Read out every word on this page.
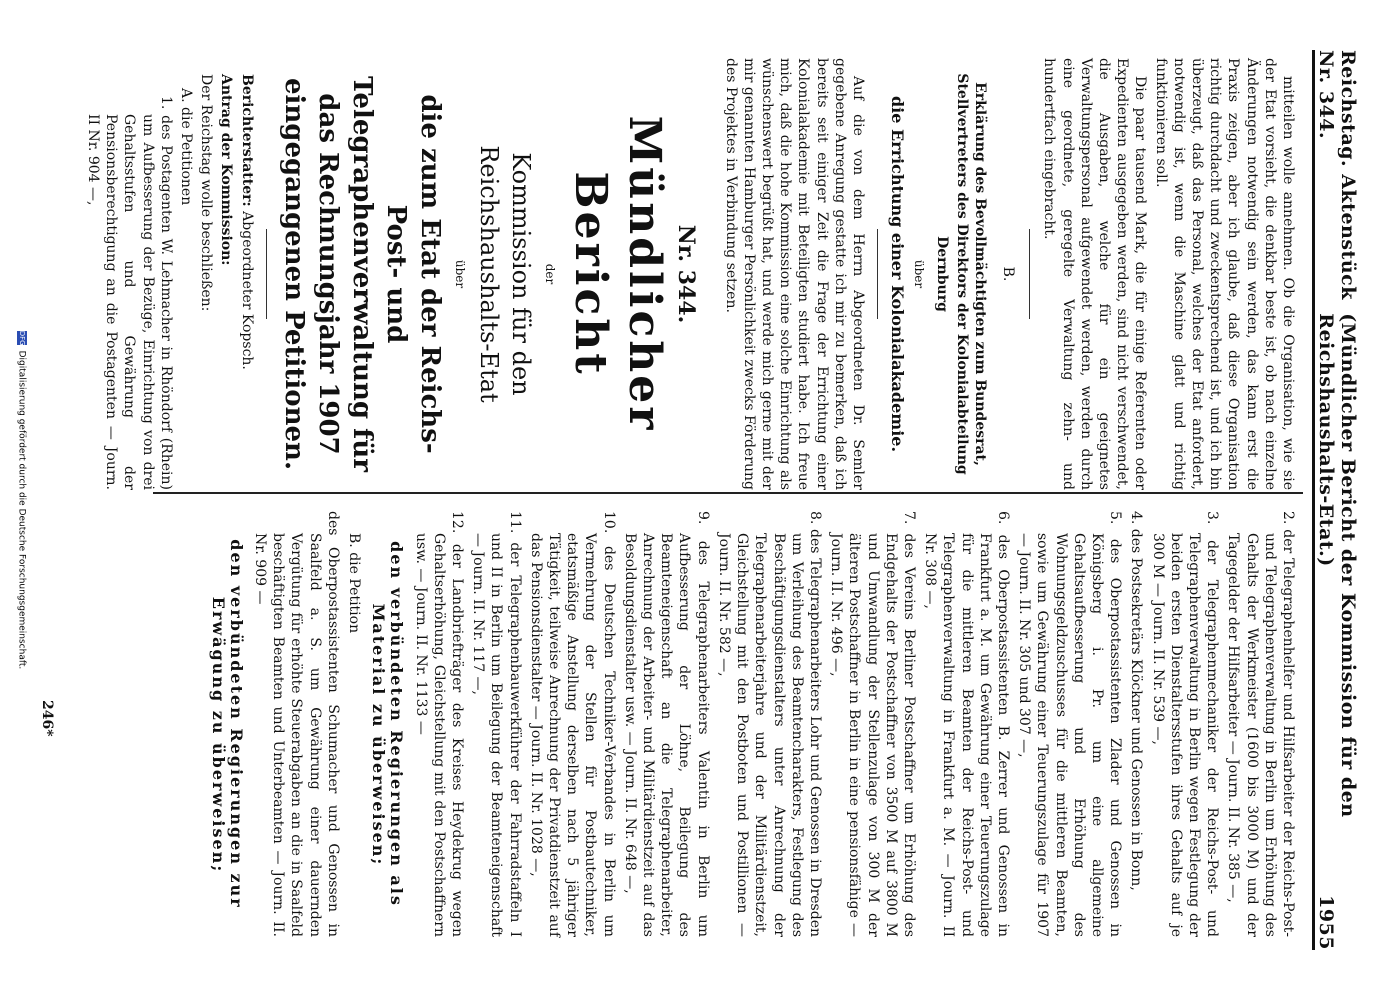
Reichstag. Aktenstück Nr. 344.
(Mündlicher Bericht der Kommission für den Reichshaushalts-Etat.)
1955

mitteilen wolle annehmen. Ob die Organisation, wie sie der Etat vorsieht, die denkbar beste ist, ob nach einzelne Änderungen notwendig sein werden, das kann erst die Praxis zeigen, aber ich glaube, daß diese Organisation richtig durchdacht und zweckentsprechend ist, und ich bin überzeugt, daß das Personal, welches der Etat anfordert, notwendig ist, wenn die Maschine glatt und richtig funktionieren soll.

Die paar tausend Mark, die für einige Referenten oder Expedienten ausgegeben werden, sind nicht verschwendet, die Ausgaben, welche für ein geeignetes Verwaltungspersonal aufgewendet werden, werden durch eine geordnete, geregelte Verwaltung zehn- und hundertfach eingebracht.

B.

Erklärung des Bevollmächtigten zum Bundesrat, Stellvertreters des Direktors der Kolonialabteilung

Dernburg

über

die Errichtung einer Kolonialakademie.

Auf die von dem Herrn Abgeordneten Dr. Semler gegebene Anregung gestatte ich mir zu bemerken, daß ich bereits seit einiger Zeit die Frage der Errichtung einer Kolonialakademie mit Beteiligten studiert habe. Ich freue mich, daß die hohe Kommission eine solche Einrichtung als wünschenswert begrüßt hat, und werde mich gerne mit der mir genannten Hamburger Persönlichkeit zwecks Förderung des Projektes in Verbindung setzen.

Nr. 344.

Mündlicher Bericht

der

Kommission für den Reichshaushalts-Etat

über

die zum Etat der Reichs-Post- und Telegraphenverwaltung für das Rechnungsjahr 1907 eingegangenen Petitionen.

Berichterstatter: Abgeordneter Kopsch.

Antrag der Kommission:

Der Reichstag wolle beschließen:

A. die Petitionen

1. des Postagenten W. Lehmacher in Rhöndorf (Rhein) um Aufbesserung der Bezüge, Einrichtung von drei Gehaltsstufen und Gewährung der Pensionsberechtigung an die Postagenten — Journ. II Nr. 904 —,

2. der Telegraphenhelfer und Hilfsarbeiter der Reichs-Post- und Telegraphenverwaltung in Berlin um Erhöhung des Gehalts der Werkmeister (1600 bis 3000 M) und der Tagegelder der Hilfsarbeiter — Journ. II. Nr. 385 —,

3. der Telegraphenmechaniker der Reichs-Post- und Telegraphenverwaltung in Berlin wegen Festlegung der beiden ersten Dienstaltersstufen ihres Gehalts auf je 300 M — Journ. II. Nr. 539 —,

4. des Postsekretärs Klöckner und Genossen in Bonn,

5. des Oberpostassistenten Zlader und Genossen in Königsberg i. Pr. um eine allgemeine Gehaltsaufbesserung und Erhöhung des Wohnungsgeldzuschusses für die mittleren Beamten, sowie um Gewährung einer Teuerungszulage für 1907 — Journ. II. Nr. 305 und 307 —,

6. des Oberpostassistenten B. Zerrer und Genossen in Frankfurt a. M. um Gewährung einer Teuerungszulage für die mittleren Beamten der Reichs-Post- und Telegraphenverwaltung in Frankfurt a. M. — Journ. II Nr. 308 —,

7. des Vereins Berliner Postschaffner um Erhöhung des Endgehalts der Postschaffner von 3500 M auf 3800 M und Umwandlung der Stellenzulage von 300 M der älteren Postschaffner in Berlin in eine pensionsfähige — Journ. II. Nr. 496 —,

8. des Telegraphenarbeiters Lohr und Genossen in Dresden um Verleihung des Beamtencharakters, Festlegung des Beschäftigungsdienstalters unter Anrechnung der Telegraphenarbeiterjahre und der Militärdienstzeit, Gleichstellung mit den Postboten und Postillionen — Journ. II. Nr. 582 —,

9. des Telegraphenarbeiters Valentin in Berlin um Aufbesserung der Löhne, Beilegung des Beamteneigenschaft an die Telegraphenarbeiter, Anrechnung der Arbeiter- und Militärdienstzeit auf das Besoldungsdienstalter usw. — Journ. II. Nr. 648 —,

10. des Deutschen Techniker-Verbandes in Berlin um Vermehrung der Stellen für Postbautechniker, etatsmäßige Anstellung derselben nach 5 jähriger Tätigkeit, teilweise Anrechnung der Privatdienstzeit auf das Pensionsdienstalter — Journ. II. Nr. 1028 —,

11. der Telegraphenbauwerkführer der Fahrradstaffeln I und II in Berlin um Beilegung der Beamteneigenschaft — Journ. II. Nr. 117 —,

12. der Landbriefträger des Kreises Heydekrug wegen Gehaltserhöhung, Gleichstellung mit den Postschaffnern usw. — Journ. II. Nr. 1133 —

den verbündeten Regierungen als Material zu überweisen;

B. die Petition

des Oberpostassistenten Schumacher und Genossen in Saalfeld a. S. um Gewährung einer dauernden Vergütung für erhöhte Steuerabgaben an die in Saalfeld beschäftigten Beamten und Unterbeamten — Journ. II. Nr. 909 —

den verbündeten Regierungen zur Erwägung zu überweisen;

246*
DFG Digitalisierung gefördert durch die Deutsche Forschungsgemeinschaft.
